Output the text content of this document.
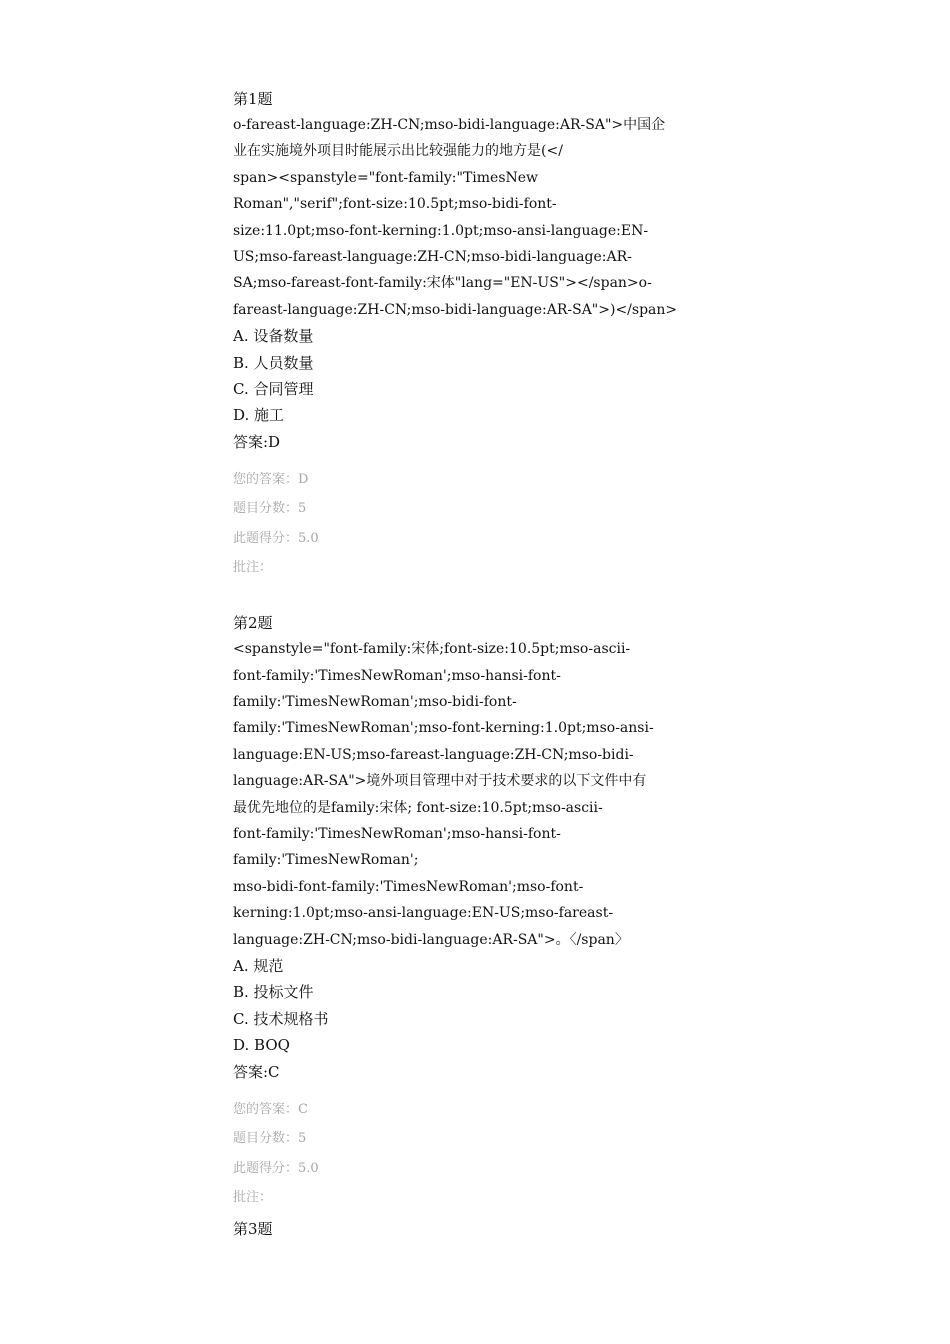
第1题
o-fareast-language:ZH-CN;mso-bidi-language:AR-SA">中国企
业在实施境外项目时能展示出比较强能力的地方是(</
span><spanstyle="font-family:"TimesNew
Roman","serif";font-size:10.5pt;mso-bidi-font-
size:11.0pt;mso-font-kerning:1.0pt;mso-ansi-language:EN-
US;mso-fareast-language:ZH-CN;mso-bidi-language:AR-
SA;mso-fareast-font-family:宋体"lang="EN-US"></span>o-
fareast-language:ZH-CN;mso-bidi-language:AR-SA">)</span>
A. 设备数量
B. 人员数量
C. 合同管理
D. 施工
答案:D
您的答案：D
题目分数：5
此题得分：5.0
批注：
第2题
<spanstyle="font-family:宋体;font-size:10.5pt;mso-ascii-
font-family:'TimesNewRoman';mso-hansi-font-
family:'TimesNewRoman';mso-bidi-font-
family:'TimesNewRoman';mso-font-kerning:1.0pt;mso-ansi-
language:EN-US;mso-fareast-language:ZH-CN;mso-bidi-
language:AR-SA">境外项目管理中对于技术要求的以下文件中有
最优先地位的是family:宋体; font-size:10.5pt;mso-ascii-
font-family:'TimesNewRoman';mso-hansi-font-
family:'TimesNewRoman';
mso-bidi-font-family:'TimesNewRoman';mso-font-
kerning:1.0pt;mso-ansi-language:EN-US;mso-fareast-
language:ZH-CN;mso-bidi-language:AR-SA">。〈/span〉
A. 规范
B. 投标文件
C. 技术规格书
D. BOQ
答案:C
您的答案：C
题目分数：5
此题得分：5.0
批注：
第3题
